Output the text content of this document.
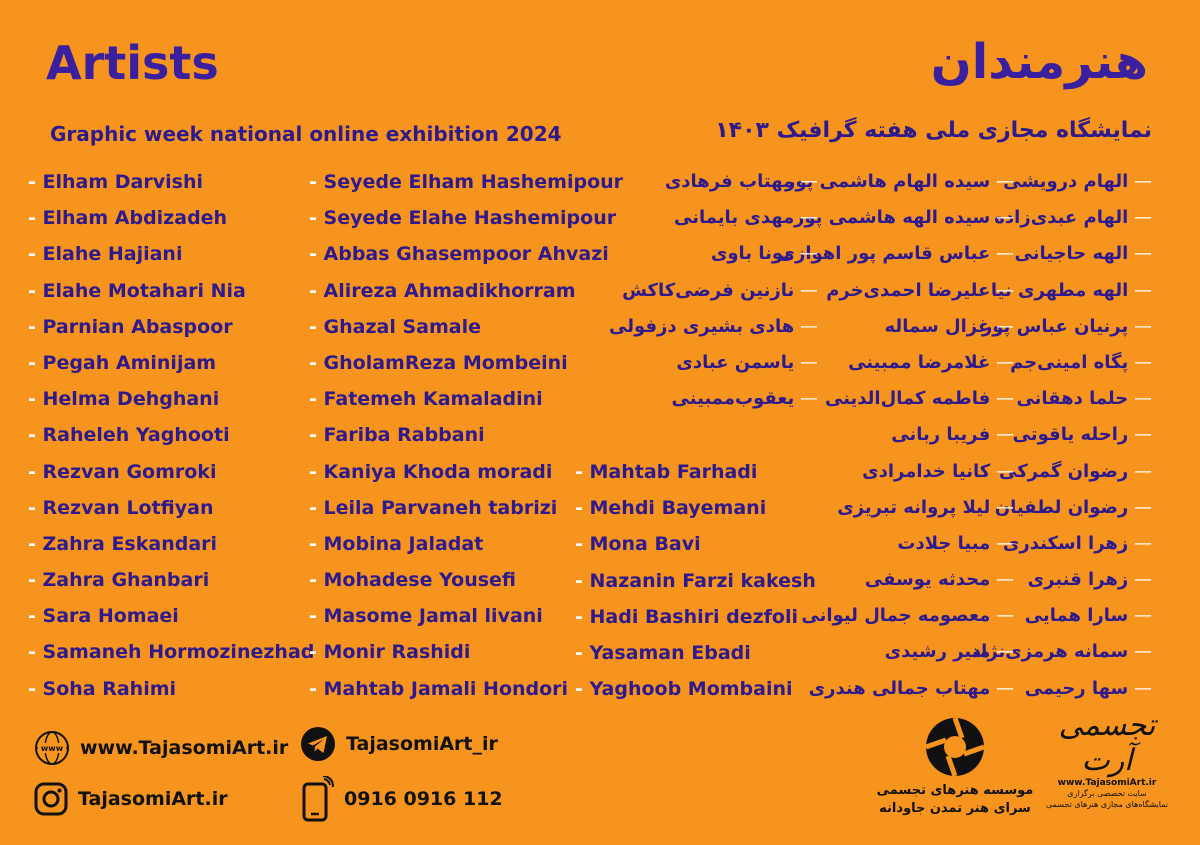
Artists	هنرمندان
Graphic week national online exhibition 2024	نمایشگاه مجازی ملی هفته گرافیک ۱۴۰۳
- Elham Darvishi
- Elham Abdizadeh
- Elahe Hajiani
- Elahe Motahari Nia
- Parnian Abaspoor
- Pegah Aminijam
- Helma Dehghani
- Raheleh Yaghooti
- Rezvan Gomroki
- Rezvan Lotfiyan
- Zahra Eskandari
- Zahra Ghanbari
- Sara Homaei
- Samaneh Hormozinezhad
- Soha Rahimi
- Seyede Elham Hashemipour
- Seyede Elahe Hashemipour
- Abbas Ghasempoor Ahvazi
- Alireza Ahmadikhorram
- Ghazal Samale
- GholamReza Mombeini
- Fatemeh Kamaladini
- Fariba Rabbani
- Kaniya Khoda moradi
- Leila Parvaneh tabrizi
- Mobina Jaladat
- Mohadese Yousefi
- Masome Jamal livani
- Monir Rashidi
- Mahtab Jamali Hondori
- Mahtab Farhadi
- Mehdi Bayemani
- Mona Bavi
- Nazanin Farzi kakesh
- Hadi Bashiri dezfoli
- Yasaman Ebadi
- Yaghoob Mombaini
— الهام درویشی
— الهام عبدی‌زاده
— الهه حاجیانی
— الهه مطهری نیا
— پرنیان عباس پور
— پگاه امینی‌جم
— حلما دهقانی
— راحله یاقوتی
— رضوان گمرکی
— رضوان لطفیان
— زهرا اسکندری
— زهرا قنبری
— سارا همایی
— سمانه هرمزی‌نژاد
— سها رحیمی
— سیده الهام هاشمی پور
— سیده الهه هاشمی پور
— عباس قاسم پور اهوازی
— علیرضا احمدی‌خرم
— غزال سماله
— غلامرضا ممبینی
— فاطمه کمال‌الدینی
— فریبا ربانی
— کانیا خدامرادی
— لیلا پروانه تبریزی
— مبیا جلادت
— محدثه یوسفی
— معصومه جمال لیوانی
— منیر رشیدی
— مهتاب جمالی هندری
— مهتاب فرهادی
— مهدی بایمانی
— مونا باوی
— نازنین فرضی‌کاکش
— هادی بشیری دزفولی
— یاسمن عبادی
— یعقوب‌ممبینی
www www.TajasomiArt.ir
TajasomiArt.ir
TajasomiArt_ir
0916 0916 112	موسسه هنرهای تجسمی
سرای هنر تمدن جاودانه
تجسمی آرت
www.TajasomiArt.ir
سایت تخصصی برگزاری
نمایشگاه‌های مجازی هنرهای تجسمی
